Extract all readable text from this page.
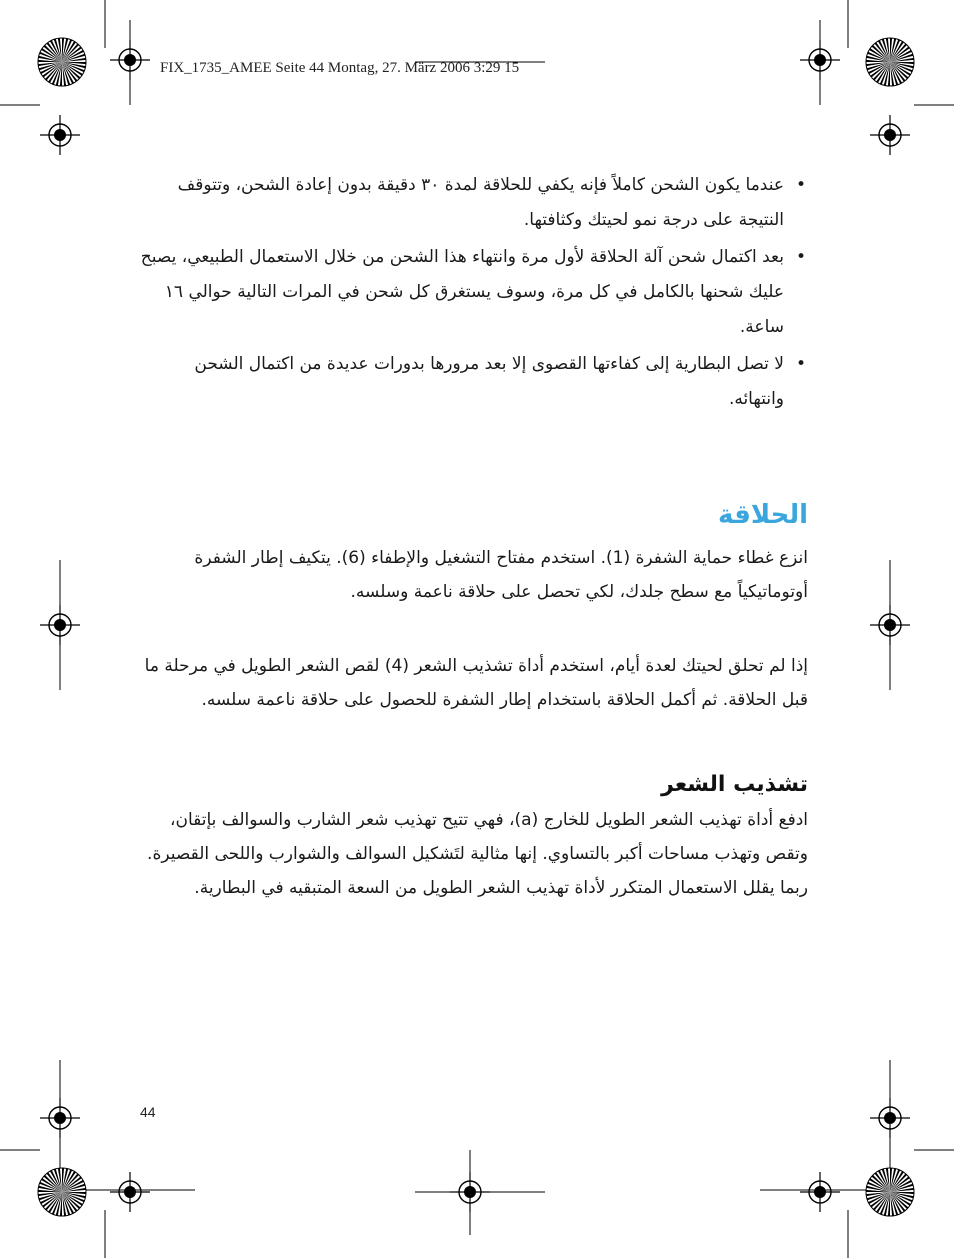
FIX_1735_AMEE Seite 44 Montag, 27. März 2006 3:29 15
•
عندما يكون الشحن كاملاً فإنه يكفي للحلاقة لمدة ٣٠ دقيقة بدون إعادة الشحن، وتتوقف النتيجة على درجة نمو لحيتك وكثافتها.
•
بعد اكتمال شحن آلة الحلاقة لأول مرة وانتهاء هذا الشحن من خلال الاستعمال الطبيعي، يصبح عليك شحنها بالكامل في كل مرة، وسوف يستغرق كل شحن في المرات التالية حوالي ١٦ ساعة.
•
لا تصل البطارية إلى كفاءتها القصوى إلا بعد مرورها بدورات عديدة من اكتمال الشحن وانتهائه.
الحلاقة

انزع غطاء حماية الشفرة (1). استخدم مفتاح التشغيل والإطفاء (6). يتكيف إطار الشفرة أوتوماتيكياً مع سطح جلدك، لكي تحصل على حلاقة ناعمة وسلسه.

إذا لم تحلق لحيتك لعدة أيام، استخدم أداة تشذيب الشعر (4) لقص الشعر الطويل في مرحلة ما قبل الحلاقة. ثم أكمل الحلاقة باستخدام إطار الشفرة للحصول على حلاقة ناعمة سلسه.

تشذيب الشعر

ادفع أداة تهذيب الشعر الطويل للخارج (a)، فهي تتيح تهذيب شعر الشارب والسوالف بإتقان، وتقص وتهذب مساحات أكبر بالتساوي. إنها مثالية لتَشكيل السوالف والشوارب واللحى القصيرة.

ربما يقلل الاستعمال المتكرر لأداة تهذيب الشعر الطويل من السعة المتبقيه في البطارية.

44
